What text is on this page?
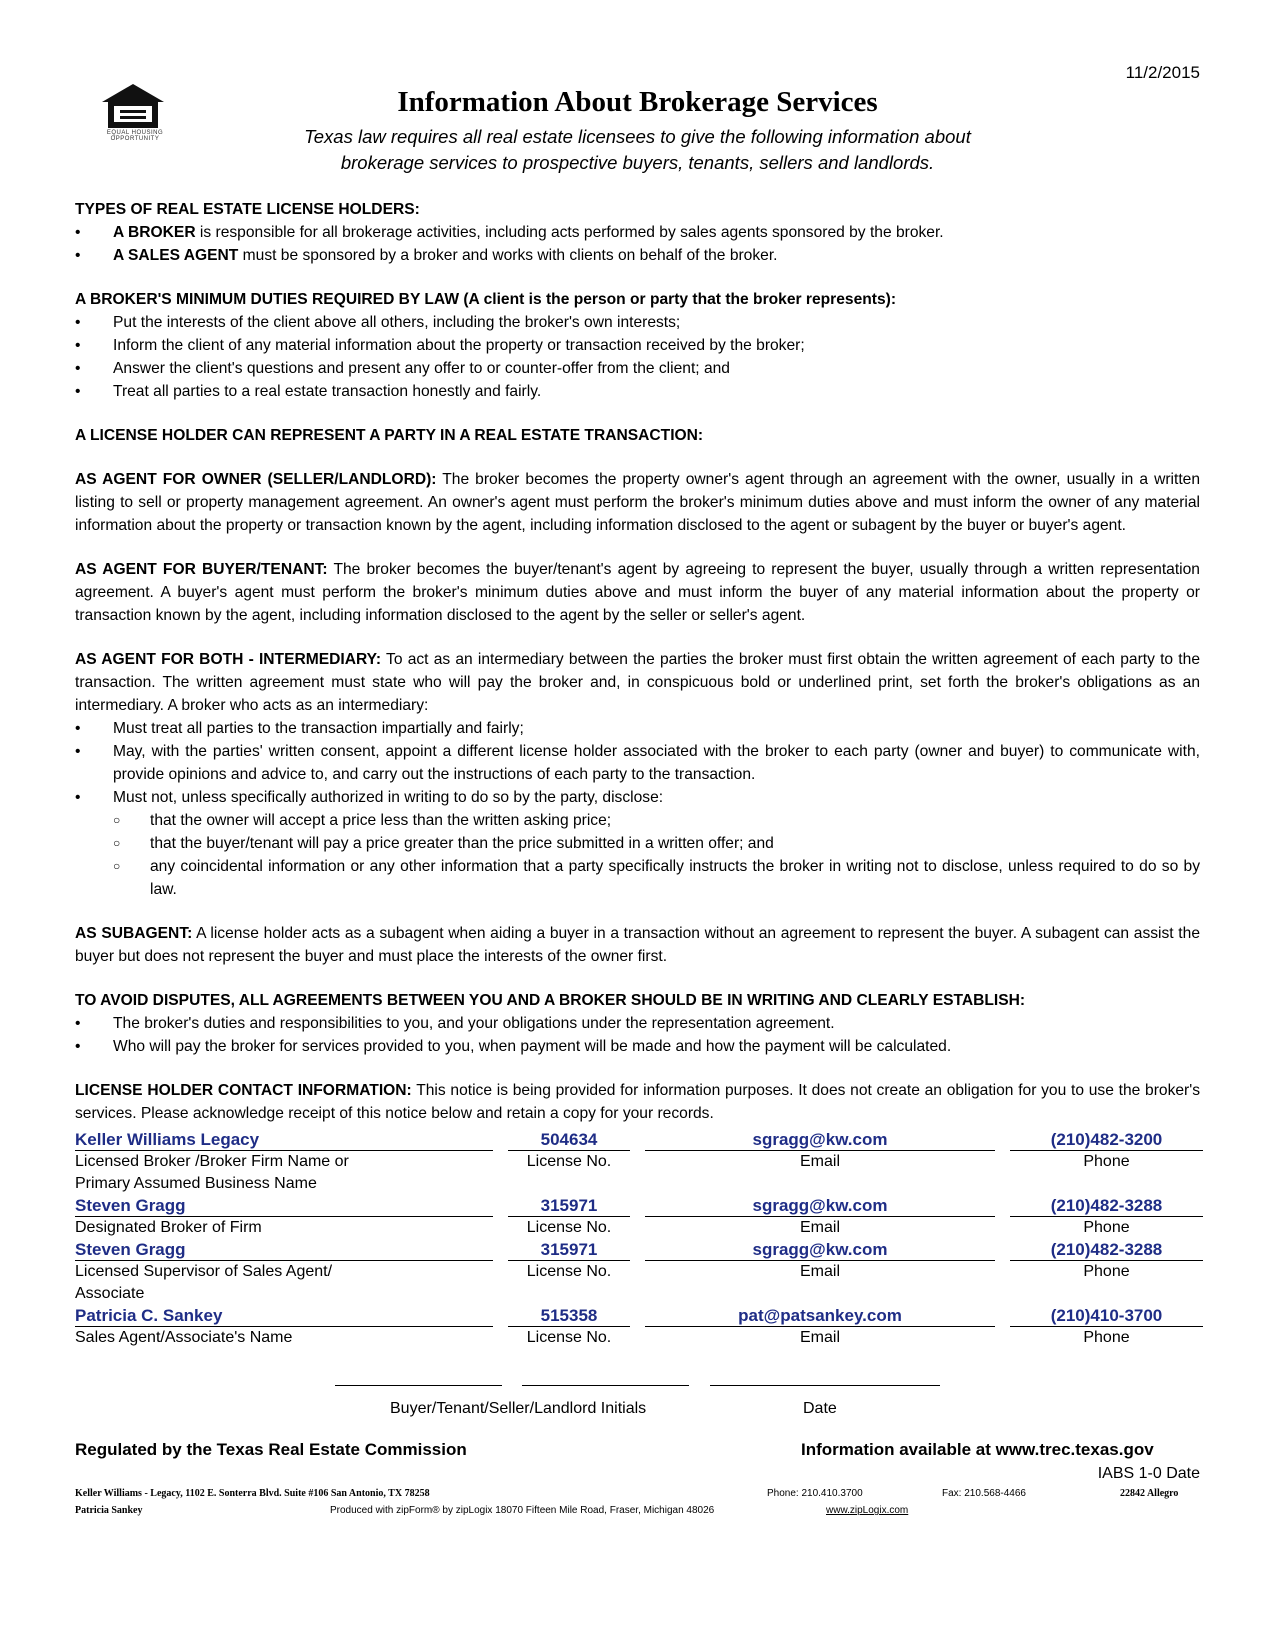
11/2/2015
EQUAL HOUSING
OPPORTUNITY
Information About Brokerage Services
Texas law requires all real estate licensees to give the following information about
brokerage services to prospective buyers, tenants, sellers and landlords.

TYPES OF REAL ESTATE LICENSE HOLDERS:

• A BROKER is responsible for all brokerage activities, including acts performed by sales agents sponsored by the broker.
• A SALES AGENT must be sponsored by a broker and works with clients on behalf of the broker.

A BROKER'S MINIMUM DUTIES REQUIRED BY LAW (A client is the person or party that the broker represents):

• Put the interests of the client above all others, including the broker's own interests;
• Inform the client of any material information about the property or transaction received by the broker;
• Answer the client's questions and present any offer to or counter-offer from the client; and
• Treat all parties to a real estate transaction honestly and fairly.

A LICENSE HOLDER CAN REPRESENT A PARTY IN A REAL ESTATE TRANSACTION:

AS AGENT FOR OWNER (SELLER/LANDLORD): The broker becomes the property owner's agent through an agreement with the owner, usually in a written listing to sell or property management agreement. An owner's agent must perform the broker's minimum duties above and must inform the owner of any material information about the property or transaction known by the agent, including information disclosed to the agent or subagent by the buyer or buyer's agent.

AS AGENT FOR BUYER/TENANT: The broker becomes the buyer/tenant's agent by agreeing to represent the buyer, usually through a written representation agreement. A buyer's agent must perform the broker's minimum duties above and must inform the buyer of any material information about the property or transaction known by the agent, including information disclosed to the agent by the seller or seller's agent.

AS AGENT FOR BOTH - INTERMEDIARY: To act as an intermediary between the parties the broker must first obtain the written agreement of each party to the transaction. The written agreement must state who will pay the broker and, in conspicuous bold or underlined print, set forth the broker's obligations as an intermediary. A broker who acts as an intermediary:

• Must treat all parties to the transaction impartially and fairly;
• May, with the parties' written consent, appoint a different license holder associated with the broker to each party (owner and buyer) to communicate with, provide opinions and advice to, and carry out the instructions of each party to the transaction.
• Must not, unless specifically authorized in writing to do so by the party, disclose:
○ that the owner will accept a price less than the written asking price;
○ that the buyer/tenant will pay a price greater than the price submitted in a written offer; and
○ any coincidental information or any other information that a party specifically instructs the broker in writing not to disclose, unless required to do so by law.

AS SUBAGENT: A license holder acts as a subagent when aiding a buyer in a transaction without an agreement to represent the buyer. A subagent can assist the buyer but does not represent the buyer and must place the interests of the owner first.

TO AVOID DISPUTES, ALL AGREEMENTS BETWEEN YOU AND A BROKER SHOULD BE IN WRITING AND CLEARLY ESTABLISH:

• The broker's duties and responsibilities to you, and your obligations under the representation agreement.
• Who will pay the broker for services provided to you, when payment will be made and how the payment will be calculated.

LICENSE HOLDER CONTACT INFORMATION: This notice is being provided for information purposes. It does not create an obligation for you to use the broker's services. Please acknowledge receipt of this notice below and retain a copy for your records.

Keller Williams Legacy	504634	sgragg@kw.com	(210)482-3200
Licensed Broker /Broker Firm Name or
Primary Assumed Business Name
License No.	Email	Phone
Steven Gragg	315971	sgragg@kw.com	(210)482-3288
Designated Broker of Firm	License No.	Email	Phone
Steven Gragg	315971	sgragg@kw.com	(210)482-3288
Licensed Supervisor of Sales Agent/
Associate
License No.	Email	Phone
Patricia C. Sankey	515358	pat@patsankey.com	(210)410-3700
Sales Agent/Associate's Name	License No.	Email	Phone
Buyer/Tenant/Seller/Landlord Initials	Date
Regulated by the Texas Real Estate Commission	Information available at www.trec.texas.gov
IABS 1-0 Date
Keller Williams - Legacy, 1102 E. Sonterra Blvd. Suite #106 San Antonio, TX 78258	Phone: 210.410.3700	Fax: 210.568-4466	22842 Allegro
Patricia Sankey	Produced with zipForm® by zipLogix 18070 Fifteen Mile Road, Fraser, Michigan 48026	www.zipLogix.com
